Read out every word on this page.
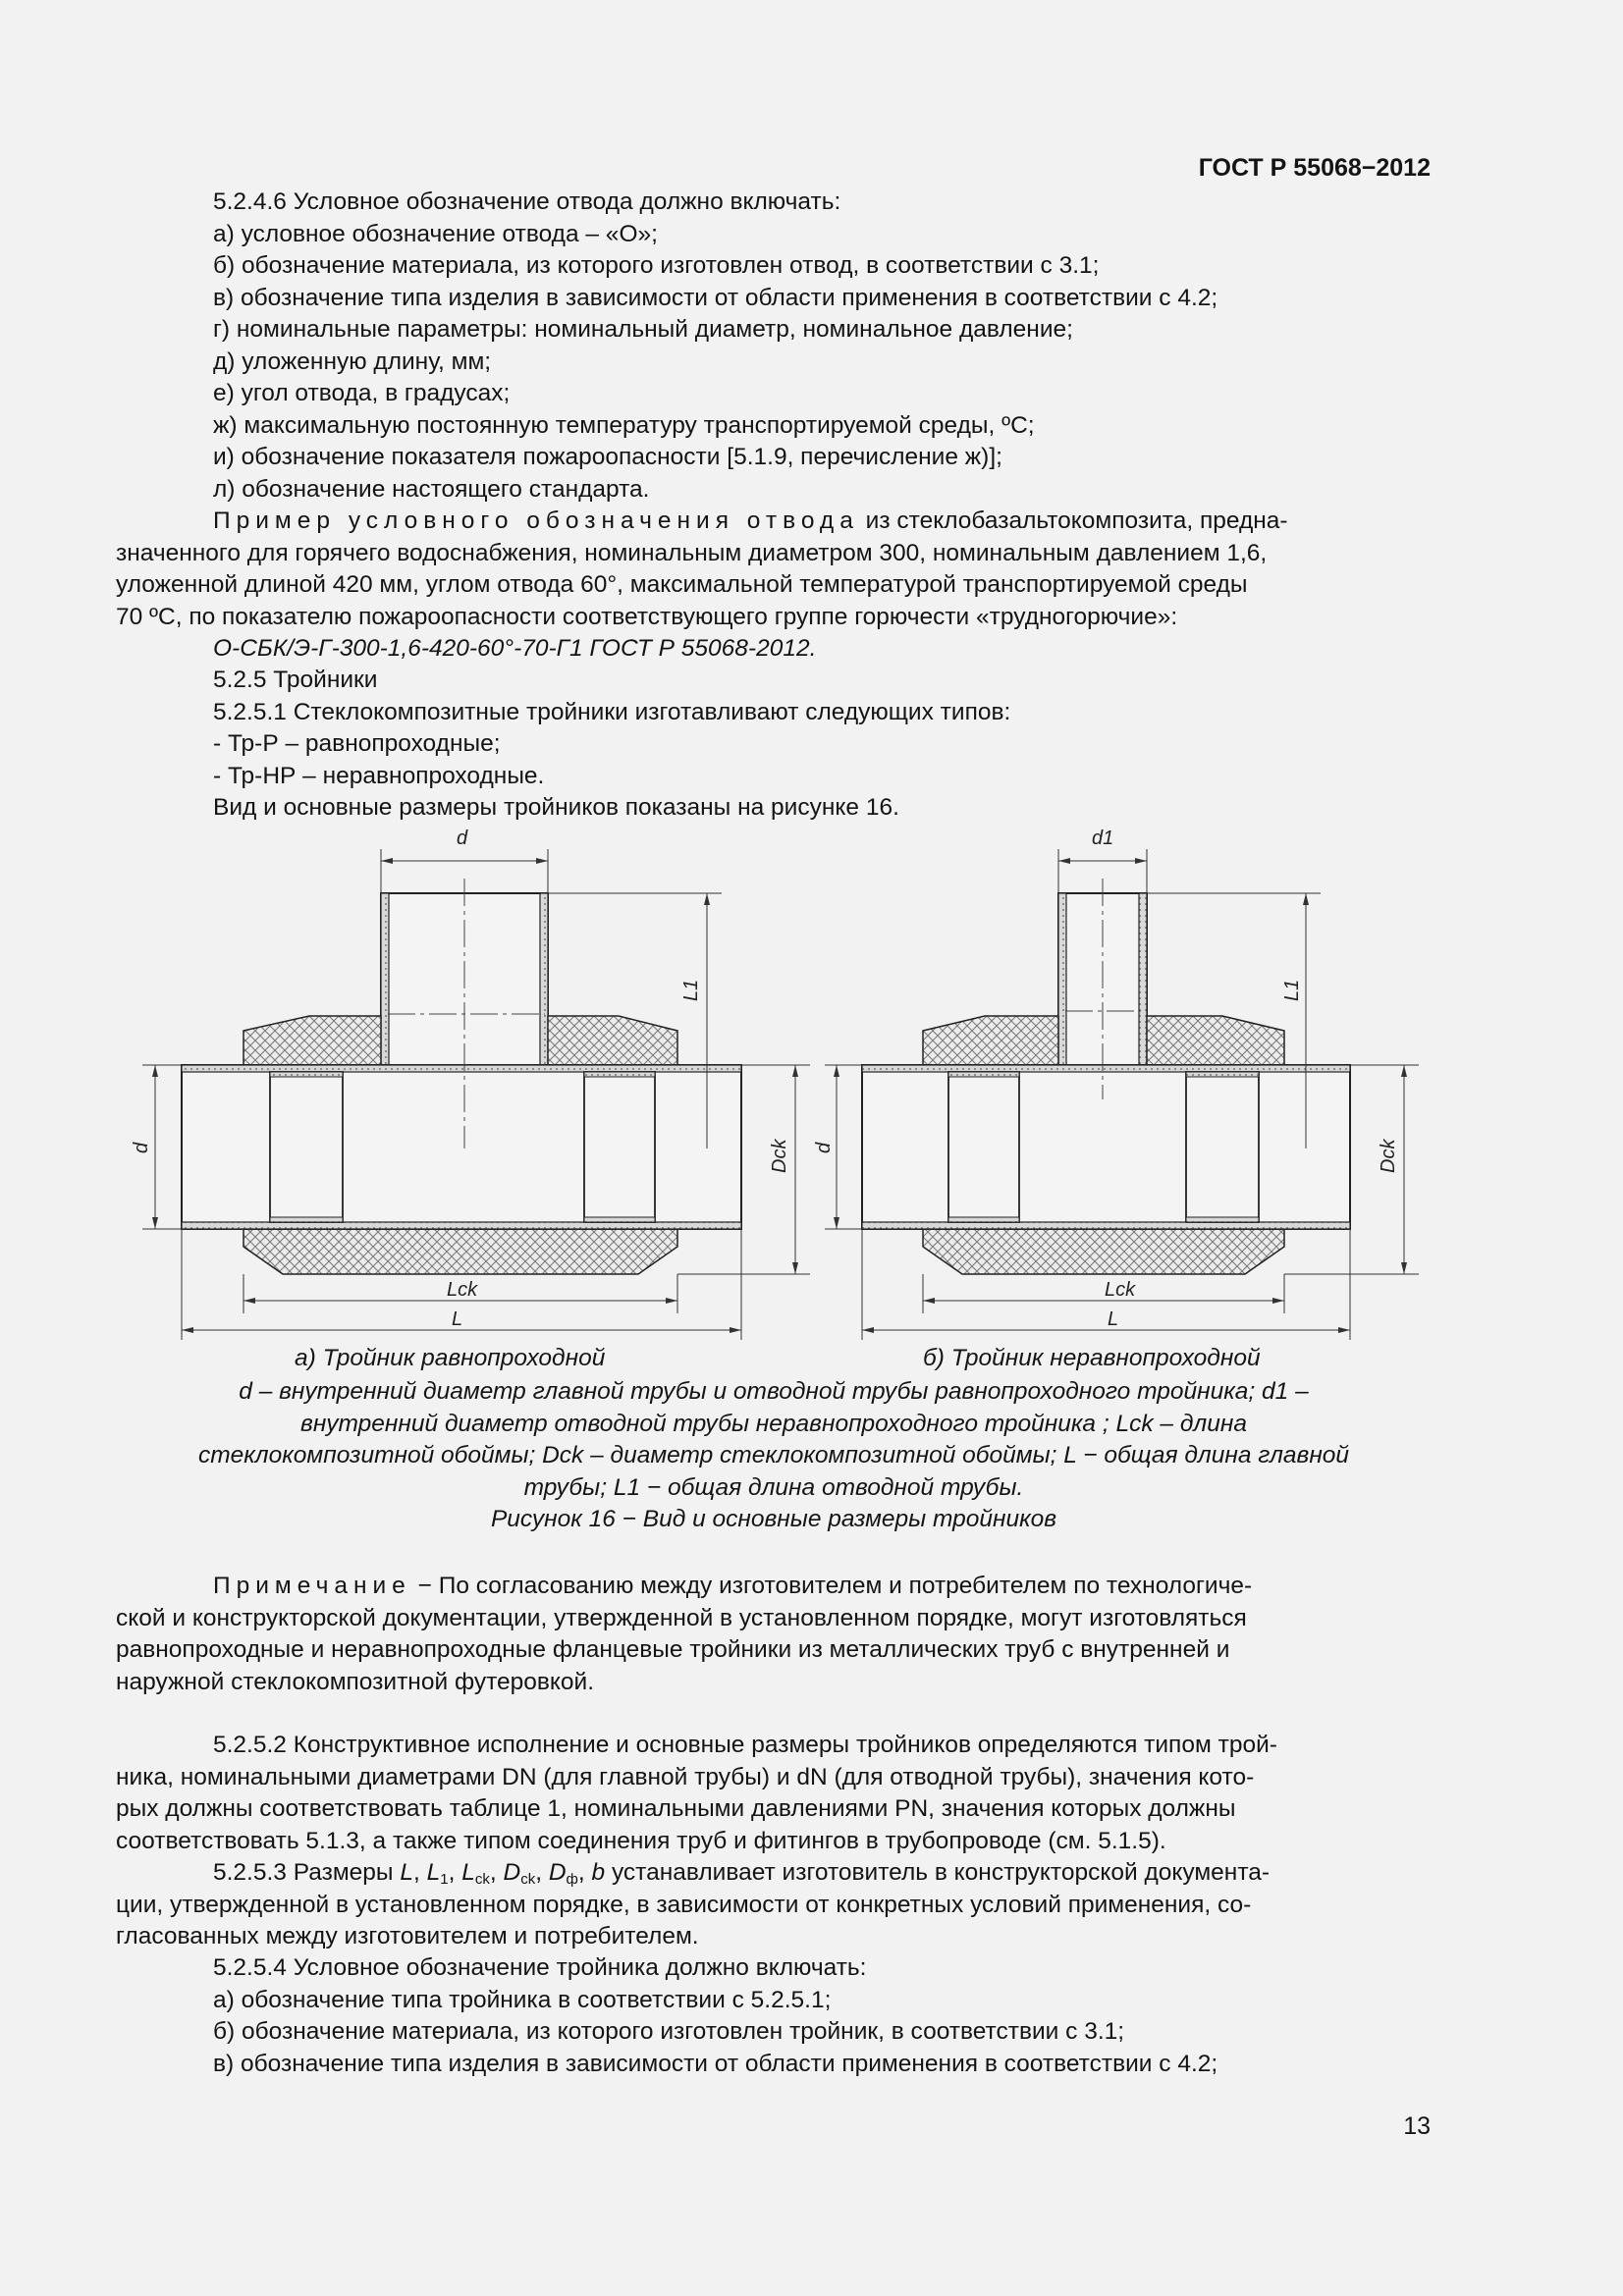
ГОСТ Р 55068−2012

5.2.4.6 Условное обозначение отвода должно включать:

а) условное обозначение отвода – «О»;

б) обозначение материала, из которого изготовлен отвод, в соответствии с 3.1;

в) обозначение типа изделия в зависимости от области применения в соответствии с 4.2;

г) номинальные параметры: номинальный диаметр, номинальное давление;

д) уложенную длину, мм;

е) угол отвода, в градусах;

ж) максимальную постоянную температуру транспортируемой среды, ºC;

и) обозначение показателя пожароопасности [5.1.9, перечисление ж)];

л) обозначение настоящего стандарта.

Пример условного обозначения отвода из стеклобазальтокомпозита, предна-

значенного для горячего водоснабжения, номинальным диаметром 300, номинальным давлением 1,6,

уложенной длиной 420 мм, углом отвода 60°, максимальной температурой транспортируемой среды

70 ºC, по показателю пожароопасности соответствующего группе горючести «трудногорючие»:

О-СБК/Э-Г-300-1,6-420-60°-70-Г1 ГОСТ Р 55068-2012.

5.2.5 Тройники

5.2.5.1 Стеклокомпозитные тройники изготавливают следующих типов:

- Тр-Р – равнопроходные;

- Тр-НР – неравнопроходные.

Вид и основные размеры тройников показаны на рисунке 16.

d
L1
d	Dck
Lck
L
d1
L1
d	Dck
Lck
L
а) Тройник равнопроходной	б) Тройник неравнопроходной

d – внутренний диаметр главной трубы и отводной трубы равнопроходного тройника; d1 –

внутренний диаметр отводной трубы неравнопроходного тройника ; Lck – длина

стеклокомпозитной обоймы; Dck – диаметр стеклокомпозитной обоймы; L − общая длина главной

трубы; L1 − общая длина отводной трубы.

Рисунок 16 − Вид и основные размеры тройников

Примечание − По согласованию между изготовителем и потребителем по технологиче-

ской и конструкторской документации, утвержденной в установленном порядке, могут изготовляться

равнопроходные и неравнопроходные фланцевые тройники из металлических труб с внутренней и

наружной стеклокомпозитной футеровкой.

5.2.5.2 Конструктивное исполнение и основные размеры тройников определяются типом трой-

ника, номинальными диаметрами DN (для главной трубы) и dN (для отводной трубы), значения кото-

рых должны соответствовать таблице 1, номинальными давлениями PN, значения которых должны

соответствовать 5.1.3, а также типом соединения труб и фитингов в трубопроводе (см. 5.1.5).

5.2.5.3 Размеры L, $L_1$, $L_{ck}$, $D_{ck}$, $D_ф$, b устанавливает изготовитель в конструкторской документа-

ции, утвержденной в установленном порядке, в зависимости от конкретных условий применения, со-

гласованных между изготовителем и потребителем.

5.2.5.4 Условное обозначение тройника должно включать:

а) обозначение типа тройника в соответствии с 5.2.5.1;

б) обозначение материала, из которого изготовлен тройник, в соответствии с 3.1;

в) обозначение типа изделия в зависимости от области применения в соответствии с 4.2;

13
